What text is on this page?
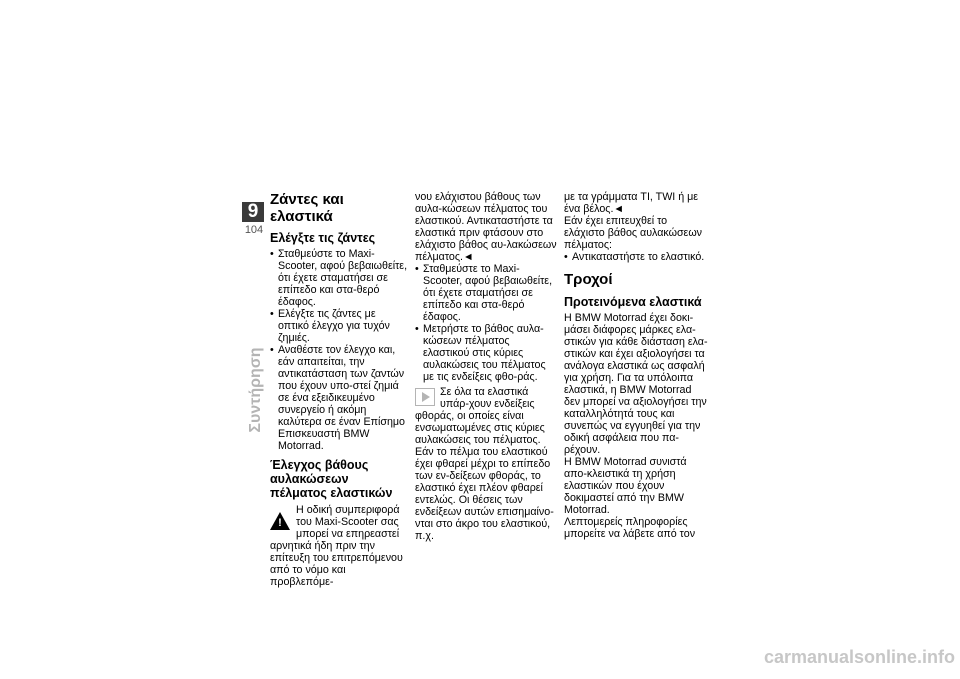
9
104
Συντήρηση
Ζάντες και ελαστικά
Ελέγξτε τις ζάντες
• Σταθμεύστε το Maxi-Scooter, αφού βεβαιωθείτε, ότι έχετε σταματήσει σε επίπεδο και στα-θερό έδαφος.
• Ελέγξτε τις ζάντες με οπτικό έλεγχο για τυχόν ζημιές.
• Αναθέστε τον έλεγχο και, εάν απαιτείται, την αντικατάσταση των ζαντών που έχουν υπο-στεί ζημιά σε ένα εξειδικευμένο συνεργείο ή ακόμη καλύτερα σε έναν Επίσημο Επισκευαστή BMW Motorrad.
Έλεγχος βάθους αυλακώσεων πέλματος ελαστικών
!

Η οδική συμπεριφορά του Maxi-Scooter σας μπορεί να επηρεαστεί αρνητικά ήδη πριν την επίτευξη του επιτρεπόμενου από το νόμο και προβλεπόμε-

νου ελάχιστου βάθους των αυλα-κώσεων πέλματος του ελαστικού. Αντικαταστήστε τα ελαστικά πριν φτάσουν στο ελάχιστο βάθος αυ-λακώσεων πέλματος.◄

• Σταθμεύστε το Maxi-Scooter, αφού βεβαιωθείτε, ότι έχετε σταματήσει σε επίπεδο και στα-θερό έδαφος.
• Μετρήστε το βάθος αυλα-κώσεων πέλματος ελαστικού στις κύριες αυλακώσεις του πέλματος με τις ενδείξεις φθο-ράς.

Σε όλα τα ελαστικά υπάρ-χουν ενδείξεις φθοράς, οι οποίες είναι ενσωματωμένες στις κύριες αυλακώσεις του πέλματος. Εάν το πέλμα του ελαστικού έχει φθαρεί μέχρι το επίπεδο των εν-δείξεων φθοράς, το ελαστικό έχει πλέον φθαρεί εντελώς. Οι θέσεις των ενδείξεων αυτών επισημαίνο-νται στο άκρο του ελαστικού, π.χ.

με τα γράμματα TI, TWI ή με ένα βέλος.◄

Εάν έχει επιτευχθεί το ελάχιστο βάθος αυλακώσεων πέλματος:

• Αντικαταστήστε το ελαστικό.
Τροχοί
Προτεινόμενα ελαστικά

Η BMW Motorrad έχει δοκι-μάσει διάφορες μάρκες ελα-στικών για κάθε διάσταση ελα-στικών και έχει αξιολογήσει τα ανάλογα ελαστικά ως ασφαλή για χρήση. Για τα υπόλοιπα ελαστικά, η BMW Motorrad δεν μπορεί να αξιολογήσει την καταλληλότητά τους και συνεπώς να εγγυηθεί για την οδική ασφάλεια που πα-ρέχουν.

Η BMW Motorrad συνιστά απο-κλειστικά τη χρήση ελαστικών που έχουν δοκιμαστεί από την BMW Motorrad.

Λεπτομερείς πληροφορίες μπορείτε να λάβετε από τον

carmanualsonline.info
